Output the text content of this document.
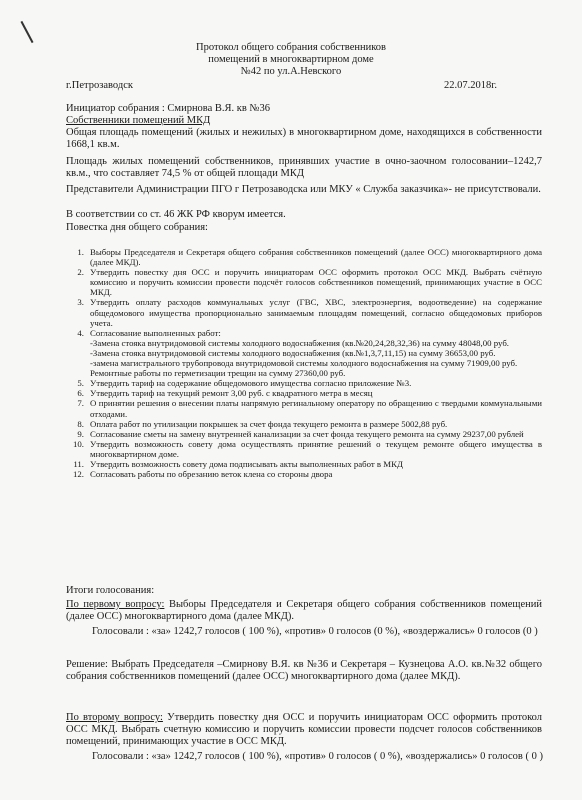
Протокол общего собрания собственников
помещений в многоквартирном доме
№42 по ул.А.Невского
г.Петрозаводск	22.07.2018г.
Инициатор собрания : Смирнова В.Я. кв №36
Собственники помещений МКД
Общая площадь помещений (жилых и нежилых) в многоквартирном доме, находящихся в собственности 1668,1 кв.м.
Площадь жилых помещений собственников, принявших участие в очно-заочном голосовании–1242,7 кв.м., что составляет 74,5 % от общей площади МКД
Представители Администрации ПГО г Петрозаводска или МКУ « Служба заказчика»- не присутствовали.
В соответствии со ст. 46 ЖК РФ кворум имеется.
Повестка дня общего собрания:
1. Выборы Председателя и Секретаря общего собрания собственников помещений (далее ОСС) многоквартирного дома (далее МКД).
2. Утвердить повестку дня ОСС и поручить инициаторам ОСС оформить протокол ОСС МКД. Выбрать счётную комиссию и поручить комиссии провести подсчёт голосов собственников помещений, принимающих участие в ОСС МКД.
3. Утвердить оплату расходов коммунальных услуг (ГВС, ХВС, электроэнергия, водоотведение) на содержание общедомового имущества пропорционально занимаемым площадям помещений, согласно общедомовых приборов учета.
4. Согласование выполненных работ:
-Замена стояка внутридомовой системы холодного водоснабжения (кв.№20,24,28,32,36) на сумму 48048,00 руб.
-Замена стояка внутридомовой системы холодного водоснабжения (кв.№1,3,7,11,15) на сумму 36653,00 руб.
-замена магистрального трубопровода внутридомовой системы холодного водоснабжения на сумму 71909,00 руб.
Ремонтные работы по герметизации трещин на сумму 27360,00 руб.
5. Утвердить тариф на содержание общедомового имущества согласно приложение №3.
6. Утвердить тариф на текущий ремонт 3,00 руб. с квадратного метра в месяц
7. О принятии решения о внесении платы напрямую регинальному оператору по обращению с твердыми коммунальными отходами.
8. Оплата работ по утилизации покрышек за счет фонда текущего ремонта в размере 5002,88 руб.
9. Согласование сметы на замену внутренней канализации за счет фонда текущего ремонта на сумму 29237,00 рублей
10. Утвердить возможность совету дома осуществлять принятие решений о текущем ремонте общего имущества в многоквартирном доме.
11. Утвердить возможность совету дома подписывать акты выполненных работ в МКД
12. Согласовать работы по обрезанию веток клена со стороны двора
Итоги голосования:
По первому вопросу: Выборы Председателя и Секретаря общего собрания собственников помещений (далее ОСС) многоквартирного дома (далее МКД).
Голосовали : «за» 1242,7 голосов ( 100 %), «против» 0 голосов (0 %), «воздержались» 0 голосов (0 )
Решение: Выбрать Председателя –Смирнову В.Я. кв №36 и Секретаря – Кузнецова А.О. кв.№32 общего собрания собственников помещений (далее ОСС) многоквартирного дома (далее МКД).
По второму вопросу: Утвердить повестку дня ОСС и поручить инициаторам ОСС оформить протокол ОСС МКД. Выбрать счетную комиссию и поручить комиссии провести подсчет голосов собственников помещений, принимающих участие в ОСС МКД.
Голосовали : «за» 1242,7 голосов ( 100 %), «против» 0 голосов ( 0 %), «воздержались» 0 голосов ( 0 )
